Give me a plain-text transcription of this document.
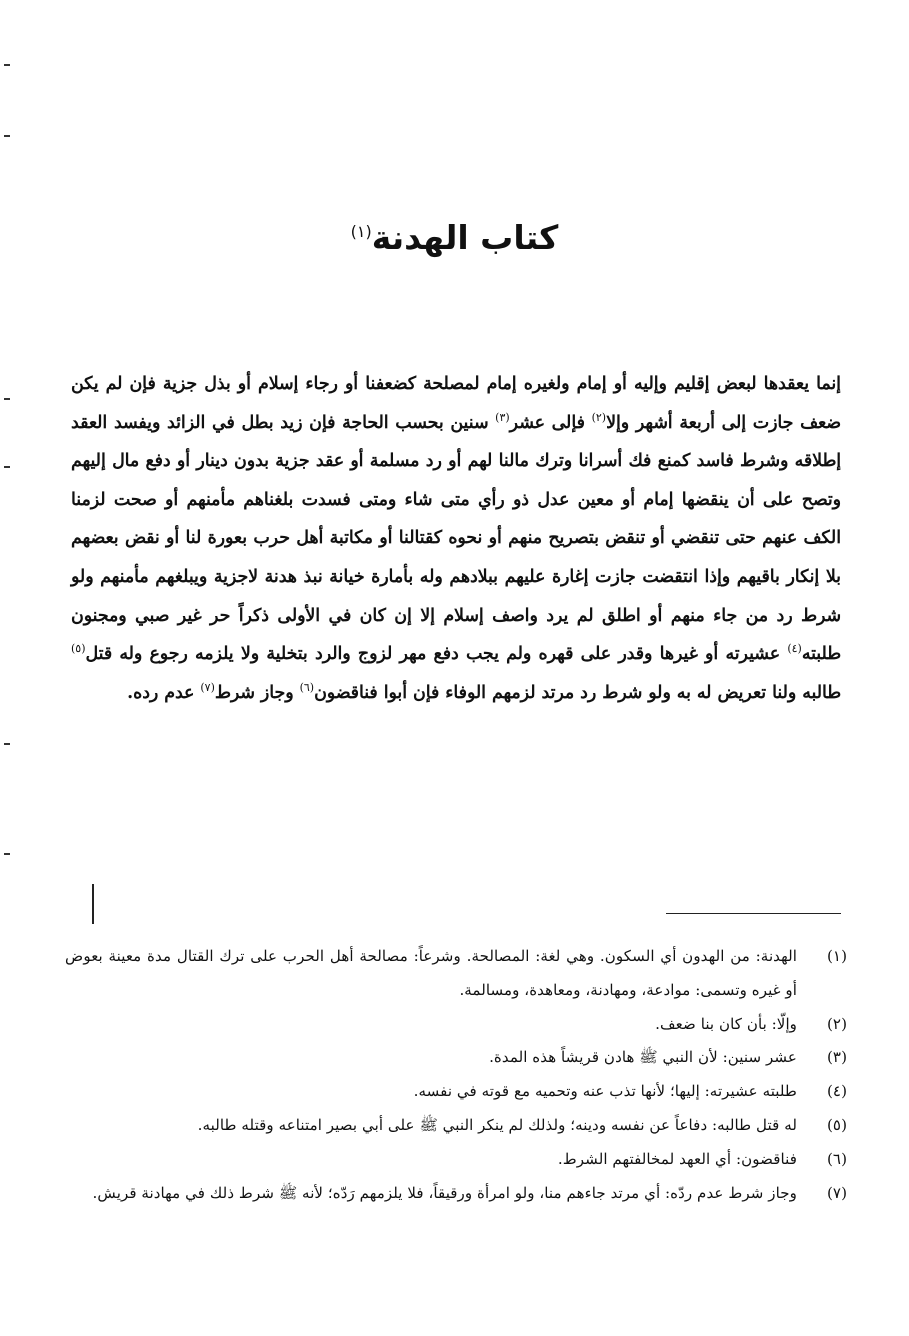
كتاب الهدنة$^{(١)}$
إنما يعقدها لبعض إقليم وإليه أو إمام ولغيره إمام لمصلحة كضعفنا أو رجاء إسلام أو بذل جزية فإن لم يكن ضعف جازت إلى أربعة أشهر وإلا$^{(٢)}$ فإلى عشر$^{(٣)}$ سنين بحسب الحاجة فإن زيد بطل في الزائد ويفسد العقد إطلاقه وشرط فاسد كمنع فك أسرانا وترك مالنا لهم أو رد مسلمة أو عقد جزية بدون دينار أو دفع مال إليهم وتصح على أن ينقضها إمام أو معين عدل ذو رأي متى شاء ومتى فسدت بلغناهم مأمنهم أو صحت لزمنا الكف عنهم حتى تنقضي أو تنقض بتصريح منهم أو نحوه كقتالنا أو مكاتبة أهل حرب بعورة لنا أو نقض بعضهم بلا إنكار باقيهم وإذا انتقضت جازت إغارة عليهم ببلادهم وله بأمارة خيانة نبذ هدنة لاجزية ويبلغهم مأمنهم ولو شرط رد من جاء منهم أو اطلق لم يرد واصف إسلام إلا إن كان في الأولى ذكراً حر غير صبي ومجنون طلبته$^{(٤)}$ عشيرته أو غيرها وقدر على قهره ولم يجب دفع مهر لزوج والرد بتخلية ولا يلزمه رجوع وله قتل$^{(٥)}$ طالبه ولنا تعريض له به ولو شرط رد مرتد لزمهم الوفاء فإن أبوا فناقضون$^{(٦)}$ وجاز شرط$^{(٧)}$ عدم رده.
(١)
الهدنة: من الهدون أي السكون. وهي لغة: المصالحة. وشرعاً: مصالحة أهل الحرب على ترك القتال مدة معينة بعوض أو غيره وتسمى: موادعة، ومهادنة، ومعاهدة، ومسالمة.
(٢)
وإلّا: بأن كان بنا ضعف.
(٣)
عشر سنين: لأن النبي ﷺ هادن قريشاً هذه المدة.
(٤)
طلبته عشيرته: إليها؛ لأنها تذب عنه وتحميه مع قوته في نفسه.
(٥)
له قتل طالبه: دفاعاً عن نفسه ودينه؛ ولذلك لم ينكر النبي ﷺ على أبي بصير امتناعه وقتله طالبه.
(٦)
فناقضون: أي العهد لمخالفتهم الشرط.
(٧)
وجاز شرط عدم ردّه: أي مرتد جاءهم منا، ولو امرأة ورقيقاً، فلا يلزمهم رَدّه؛ لأنه ﷺ شرط ذلك في مهادنة قريش.
